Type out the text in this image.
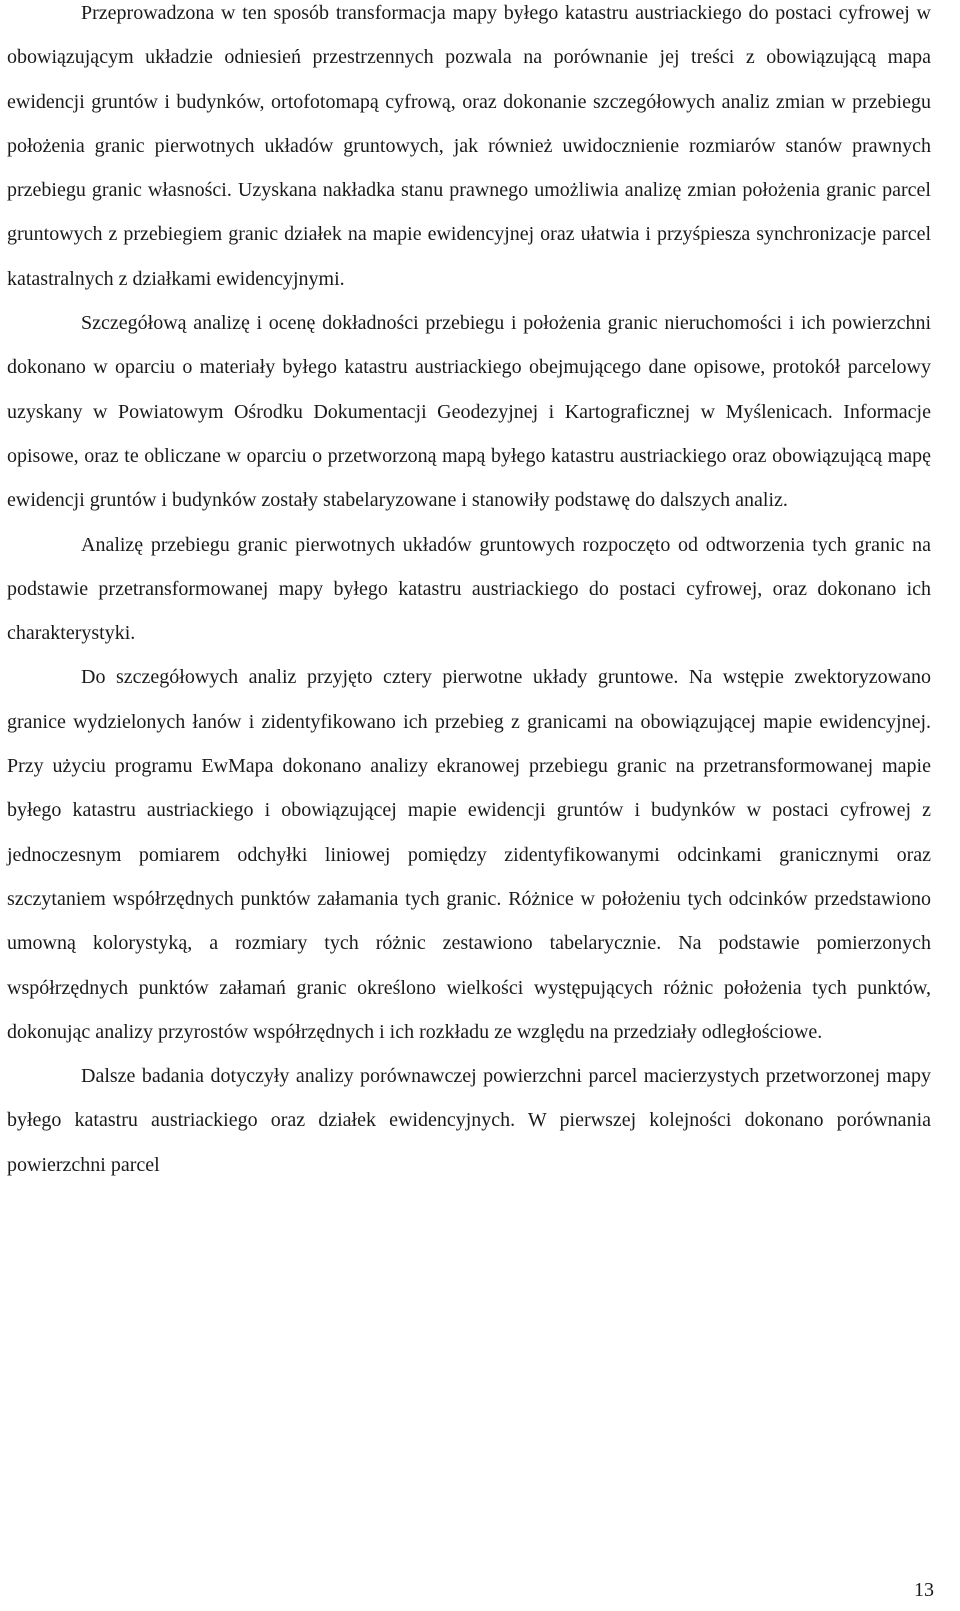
Przeprowadzona w ten sposób transformacja mapy byłego katastru austriackiego do postaci cyfrowej w obowiązującym układzie odniesień przestrzennych pozwala na porównanie jej treści z obowiązującą mapa ewidencji gruntów i budynków, ortofotomapą cyfrową, oraz dokonanie szczegółowych analiz zmian w przebiegu położenia granic pierwotnych układów gruntowych, jak również uwidocznienie rozmiarów stanów prawnych przebiegu granic własności. Uzyskana nakładka stanu prawnego umożliwia analizę zmian położenia granic parcel gruntowych z przebiegiem granic działek na mapie ewidencyjnej oraz ułatwia i przyśpiesza synchronizacje parcel katastralnych z działkami ewidencyjnymi.

Szczegółową analizę i ocenę dokładności przebiegu i położenia granic nieruchomości i ich powierzchni dokonano w oparciu o materiały byłego katastru austriackiego obejmującego dane opisowe, protokół parcelowy uzyskany w Powiatowym Ośrodku Dokumentacji Geodezyjnej i Kartograficznej w Myślenicach. Informacje opisowe, oraz te obliczane w oparciu o przetworzoną mapą byłego katastru austriackiego oraz obowiązującą mapę ewidencji gruntów i budynków zostały stabelaryzowane i stanowiły podstawę do dalszych analiz.

Analizę przebiegu granic pierwotnych układów gruntowych rozpoczęto od odtworzenia tych granic na podstawie przetransformowanej mapy byłego katastru austriackiego do postaci cyfrowej, oraz dokonano ich charakterystyki.

Do szczegółowych analiz przyjęto cztery pierwotne układy gruntowe. Na wstępie zwektoryzowano granice wydzielonych łanów i zidentyfikowano ich przebieg z granicami na obowiązującej mapie ewidencyjnej. Przy użyciu programu EwMapa dokonano analizy ekranowej przebiegu granic na przetransformowanej mapie byłego katastru austriackiego i obowiązującej mapie ewidencji gruntów i budynków w postaci cyfrowej z jednoczesnym pomiarem odchyłki liniowej pomiędzy zidentyfikowanymi odcinkami granicznymi oraz szczytaniem współrzędnych punktów załamania tych granic. Różnice w położeniu tych odcinków przedstawiono umowną kolorystyką, a rozmiary tych różnic zestawiono tabelarycznie. Na podstawie pomierzonych współrzędnych punktów załamań granic określono wielkości występujących różnic położenia tych punktów, dokonując analizy przyrostów współrzędnych i ich rozkładu ze względu na przedziały odległościowe.

Dalsze badania dotyczyły analizy porównawczej powierzchni parcel macierzystych przetworzonej mapy byłego katastru austriackiego oraz działek ewidencyjnych. W pierwszej kolejności dokonano porównania powierzchni parcel

13
